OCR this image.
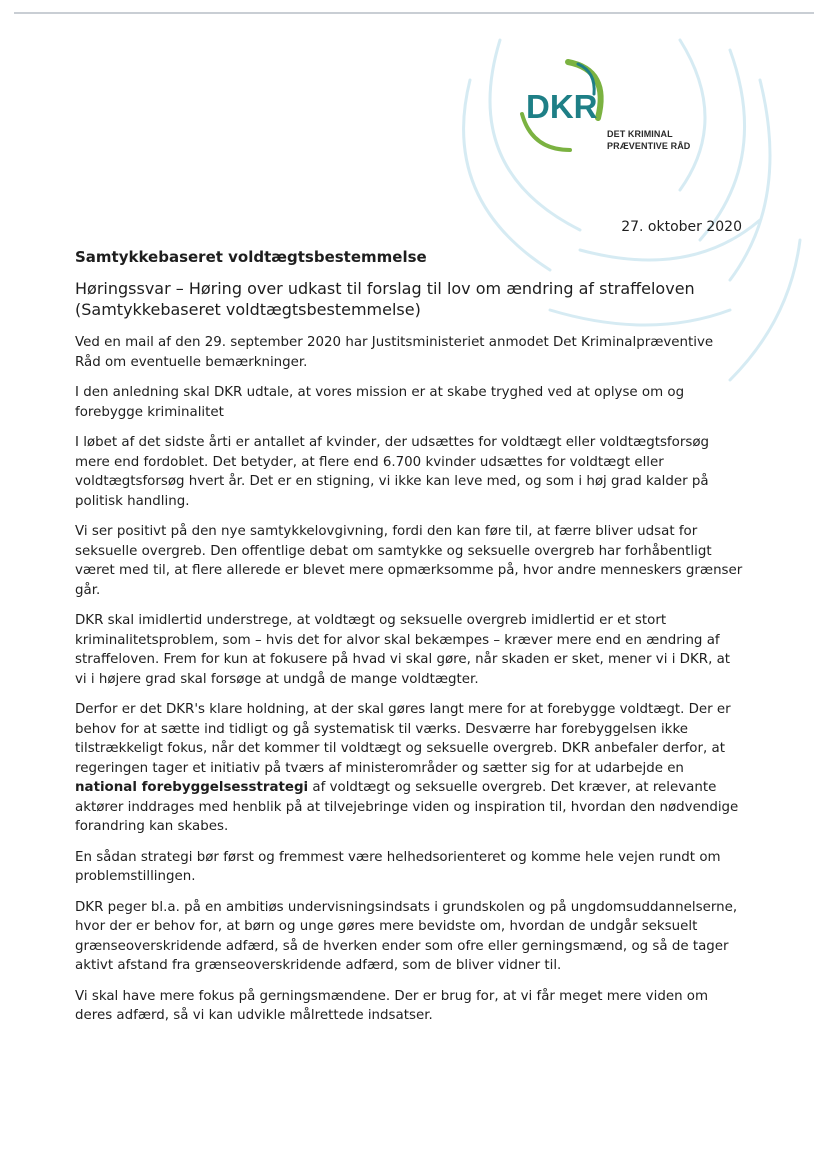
DKR
DET KRIMINAL
PRÆVENTIVE RÅD
27. oktober 2020
Samtykkebaseret voldtægtsbestemmelse
Høringssvar – Høring over udkast til forslag til lov om ændring af straffeloven (Samtykkebaseret voldtægtsbestemmelse)

Ved en mail af den 29. september 2020 har Justitsministeriet anmodet Det Kriminalpræventive Råd om eventuelle bemærkninger.

I den anledning skal DKR udtale, at vores mission er at skabe tryghed ved at oplyse om og forebygge kriminalitet

I løbet af det sidste årti er antallet af kvinder, der udsættes for voldtægt eller voldtægtsforsøg mere end fordoblet. Det betyder, at flere end 6.700 kvinder udsættes for voldtægt eller voldtægtsforsøg hvert år. Det er en stigning, vi ikke kan leve med, og som i høj grad kalder på politisk handling.

Vi ser positivt på den nye samtykkelovgivning, fordi den kan føre til, at færre bliver udsat for seksuelle overgreb. Den offentlige debat om samtykke og seksuelle overgreb har forhåbentligt været med til, at flere allerede er blevet mere opmærksomme på, hvor andre menneskers grænser går.

DKR skal imidlertid understrege, at voldtægt og seksuelle overgreb imidlertid er et stort kriminalitetsproblem, som – hvis det for alvor skal bekæmpes – kræver mere end en ændring af straffeloven. Frem for kun at fokusere på hvad vi skal gøre, når skaden er sket, mener vi i DKR, at vi i højere grad skal forsøge at undgå de mange voldtægter.

Derfor er det DKR's klare holdning, at der skal gøres langt mere for at forebygge voldtægt. Der er behov for at sætte ind tidligt og gå systematisk til værks. Desværre har forebyggelsen ikke tilstrækkeligt fokus, når det kommer til voldtægt og seksuelle overgreb. DKR anbefaler derfor, at regeringen tager et initiativ på tværs af ministerområder og sætter sig for at udarbejde en national forebyggelsesstrategi af voldtægt og seksuelle overgreb. Det kræver, at relevante aktører inddrages med henblik på at tilvejebringe viden og inspiration til, hvordan den nødvendige forandring kan skabes.

En sådan strategi bør først og fremmest være helhedsorienteret og komme hele vejen rundt om problemstillingen.

DKR peger bl.a. på en ambitiøs undervisningsindsats i grundskolen og på ungdomsuddannelserne, hvor der er behov for, at børn og unge gøres mere bevidste om, hvordan de undgår seksuelt grænseoverskridende adfærd, så de hverken ender som ofre eller gerningsmænd, og så de tager aktivt afstand fra grænseoverskridende adfærd, som de bliver vidner til.

Vi skal have mere fokus på gerningsmændene. Der er brug for, at vi får meget mere viden om deres adfærd, så vi kan udvikle målrettede indsatser.
